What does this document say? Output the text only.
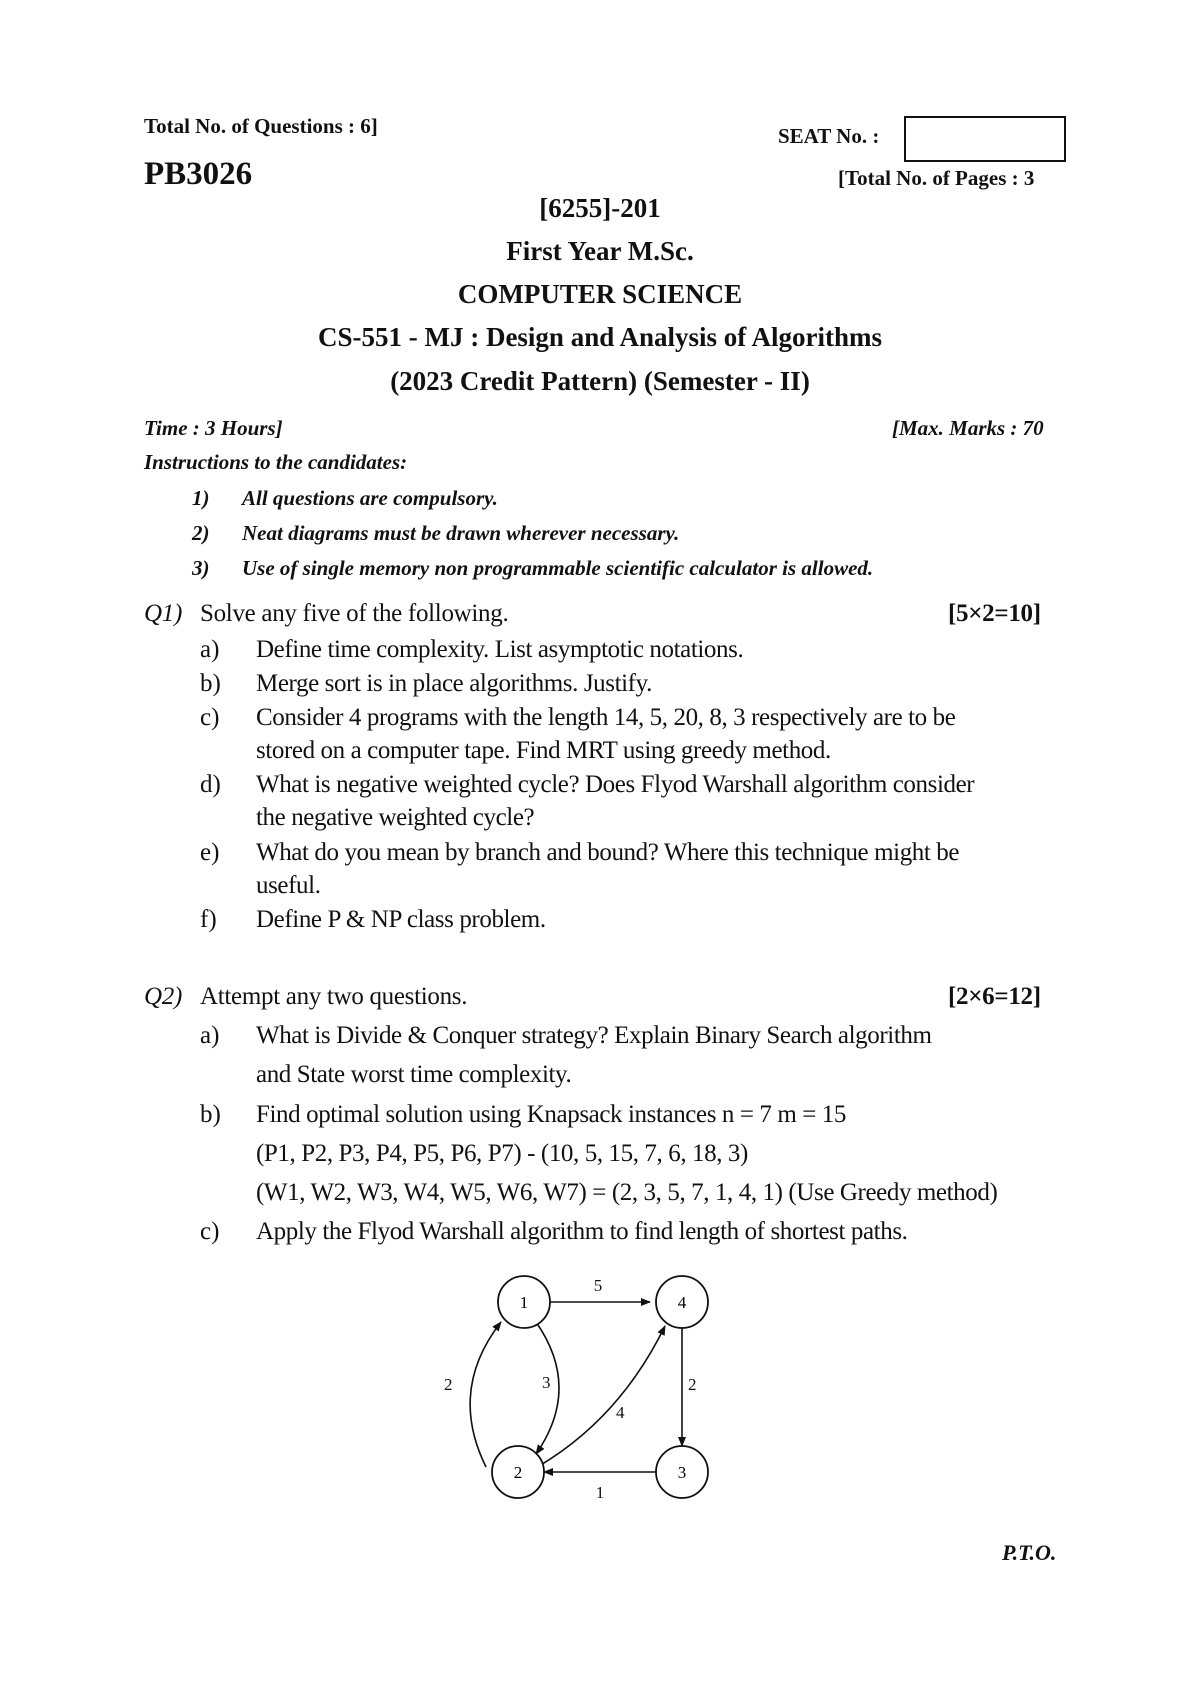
Total No. of Questions : 6]	SEAT No. :
PB3026	[Total No. of Pages : 3
[6255]-201
First Year M.Sc.
COMPUTER SCIENCE
CS-551 - MJ : Design and Analysis of Algorithms
(2023 Credit Pattern) (Semester - II)
Time : 3 Hours]	[Max. Marks : 70
Instructions to the candidates:
1) All questions are compulsory.
2) Neat diagrams must be drawn wherever necessary.
3) Use of single memory non programmable scientific calculator is allowed.
Q1) Solve any five of the following.	[5×2=10]
a) Define time complexity. List asymptotic notations.
b) Merge sort is in place algorithms. Justify.
c) Consider 4 programs with the length 14, 5, 20, 8, 3 respectively are to be
stored on a computer tape. Find MRT using greedy method.
d) What is negative weighted cycle? Does Flyod Warshall algorithm consider
the negative weighted cycle?
e) What do you mean by branch and bound? Where this technique might be
useful.
f) Define P & NP class problem.
Q2) Attempt any two questions.	[2×6=12]
a) What is Divide & Conquer strategy? Explain Binary Search algorithm
and State worst time complexity.
b) Find optimal solution using Knapsack instances n = 7 m = 15
(P1, P2, P3, P4, P5, P6, P7) - (10, 5, 15, 7, 6, 18, 3)
(W1, W2, W3, W4, W5, W6, W7) = (2, 3, 5, 7, 1, 4, 1) (Use Greedy method)
c) Apply the Flyod Warshall algorithm to find length of shortest paths.
1	4
2	3
5
3
2
4
2
1
P.T.O.
